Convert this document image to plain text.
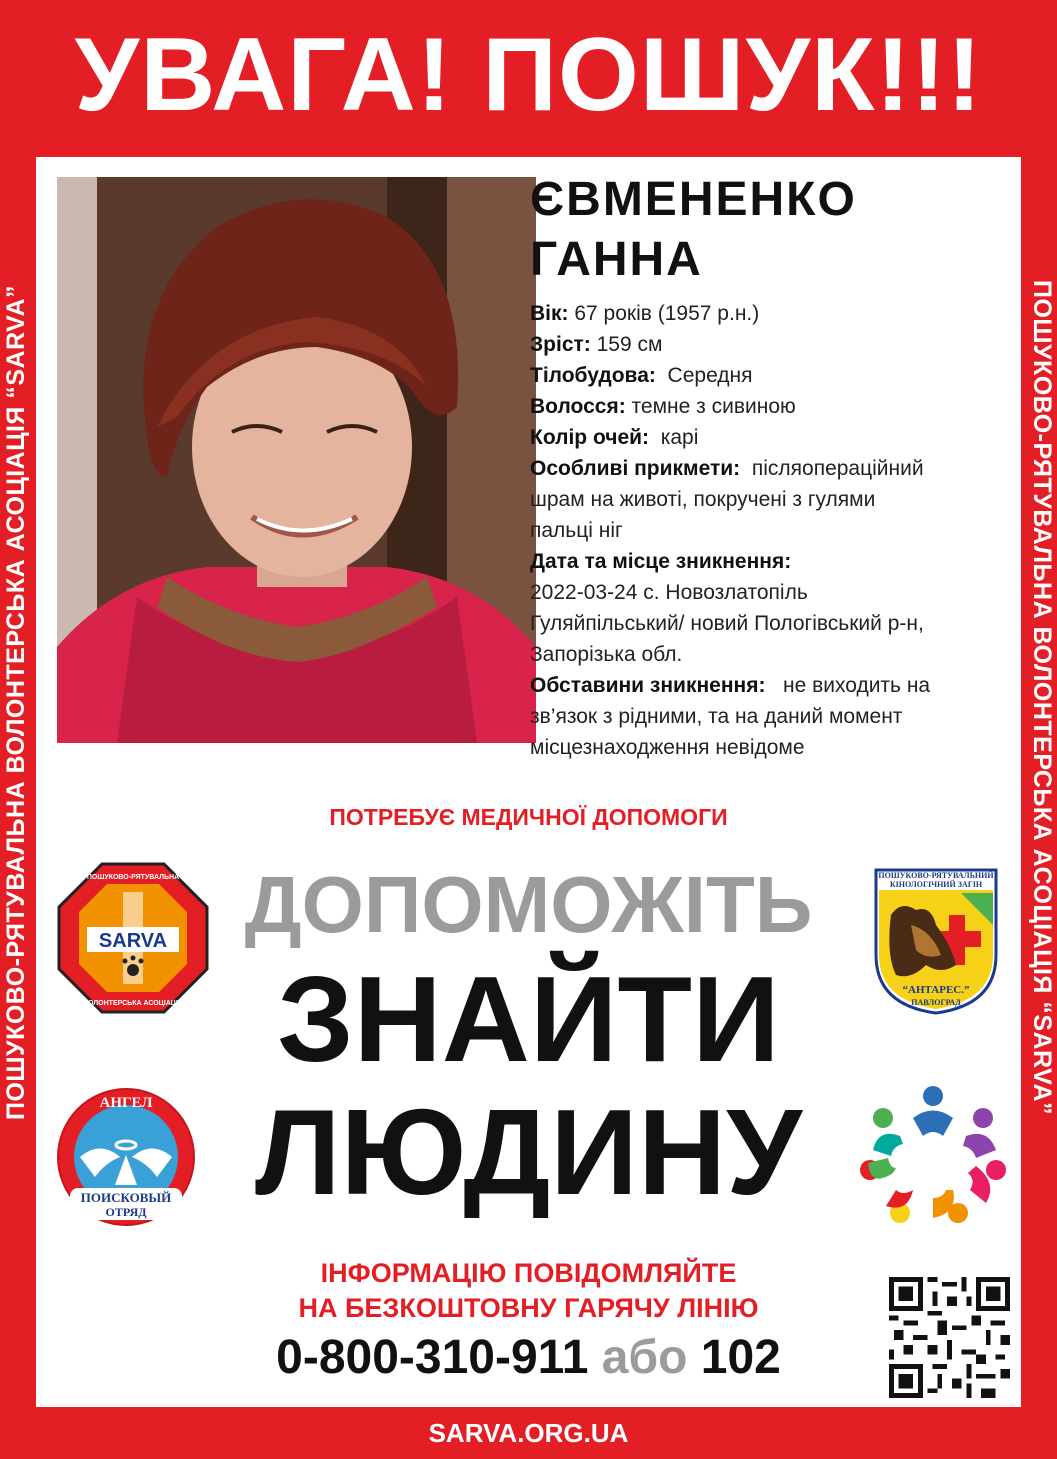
УВАГА! ПОШУК!!!
ПОШУКОВО-РЯТУВАЛЬНА ВОЛОНТЕРСЬКА АСОЦІАЦІЯ “SARVA”	ПОШУКОВО-РЯТУВАЛЬНА ВОЛОНТЕРСЬКА АСОЦІАЦІЯ “SARVA”
ЄВМЕНЕНКО
ГАННА
Вік: 67 років (1957 р.н.)
Зріст: 159 см
Тілобудова: Середня
Волосся: темне з сивиною
Колір очей: карі
Особливі прикмети: післяопераційний
шрам на животі, покручені з гулями
пальці ніг
Дата та місце зникнення:
2022-03-24 с. Новозлатопіль
Гуляйпільський/ новий Пологівський р-н,
Запорізька обл.
Обставини зникнення: не виходить на
зв’язок з рідними, та на даний момент
місцезнаходження невідоме
ПОТРЕБУЄ МЕДИЧНОЇ ДОПОМОГИ
ДОПОМОЖІТЬ
ЗНАЙТИ
ЛЮДИНУ
SARVA
ПОШУКОВО-РЯТУВАЛЬНА
ВОЛОНТЕРСЬКА АСОЦІАЦІЯ
ПОШУКОВО-РЯТУВАЛЬНИЙ
КІНОЛОГІЧНИЙ ЗАГІН
“АНТАРЕС.”
ПАВЛОГРАД
АНГЕЛ
ПОИСКОВЫЙ
ОТРЯД
ІНФОРМАЦІЮ ПОВІДОМЛЯЙТЕ
НА БЕЗКОШТОВНУ ГАРЯЧУ ЛІНІЮ
0-800-310-911 або 102
SARVA.ORG.UA
